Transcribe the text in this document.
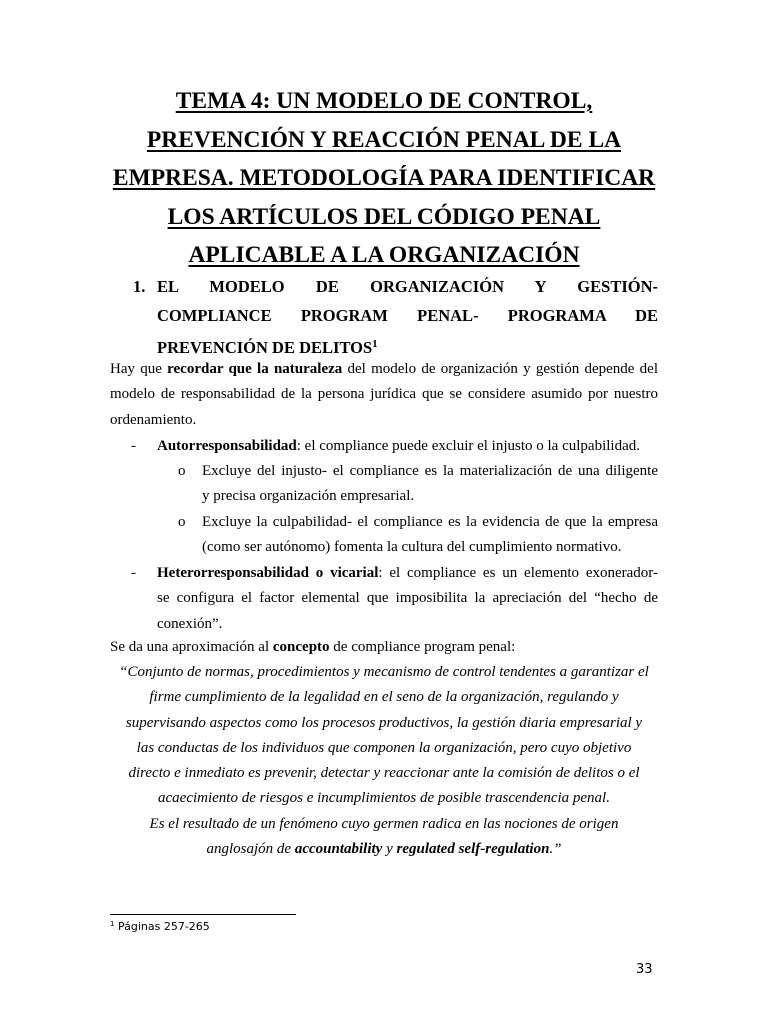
TEMA 4: UN MODELO DE CONTROL,
PREVENCIÓN Y REACCIÓN PENAL DE LA
EMPRESA. METODOLOGÍA PARA IDENTIFICAR
LOS ARTÍCULOS DEL CÓDIGO PENAL
APLICABLE A LA ORGANIZACIÓN
1. EL MODELO DE ORGANIZACIÓN Y GESTIÓN-
COMPLIANCE PROGRAM PENAL- PROGRAMA DE
PREVENCIÓN DE DELITOS$^1$
Hay que recordar que la naturaleza del modelo de organización y gestión depende del
modelo de responsabilidad de la persona jurídica que se considere asumido por nuestro
ordenamiento.
- Autorresponsabilidad: el compliance puede excluir el injusto o la culpabilidad.
o Excluye del injusto- el compliance es la materialización de una diligente
y precisa organización empresarial.
o Excluye la culpabilidad- el compliance es la evidencia de que la empresa
(como ser autónomo) fomenta la cultura del cumplimiento normativo.
- Heterorresponsabilidad o vicarial: el compliance es un elemento exonerador-
se configura el factor elemental que imposibilita la apreciación del “hecho de
conexión”.
Se da una aproximación al concepto de compliance program penal:
“Conjunto de normas, procedimientos y mecanismo de control tendentes a garantizar el
firme cumplimiento de la legalidad en el seno de la organización, regulando y
supervisando aspectos como los procesos productivos, la gestión diaria empresarial y
las conductas de los individuos que componen la organización, pero cuyo objetivo
directo e inmediato es prevenir, detectar y reaccionar ante la comisión de delitos o el
acaecimiento de riesgos e incumplimientos de posible trascendencia penal.
Es el resultado de un fenómeno cuyo germen radica en las nociones de origen
anglosajón de accountability y regulated self-regulation.”
$^1$ Páginas 257-265
33
